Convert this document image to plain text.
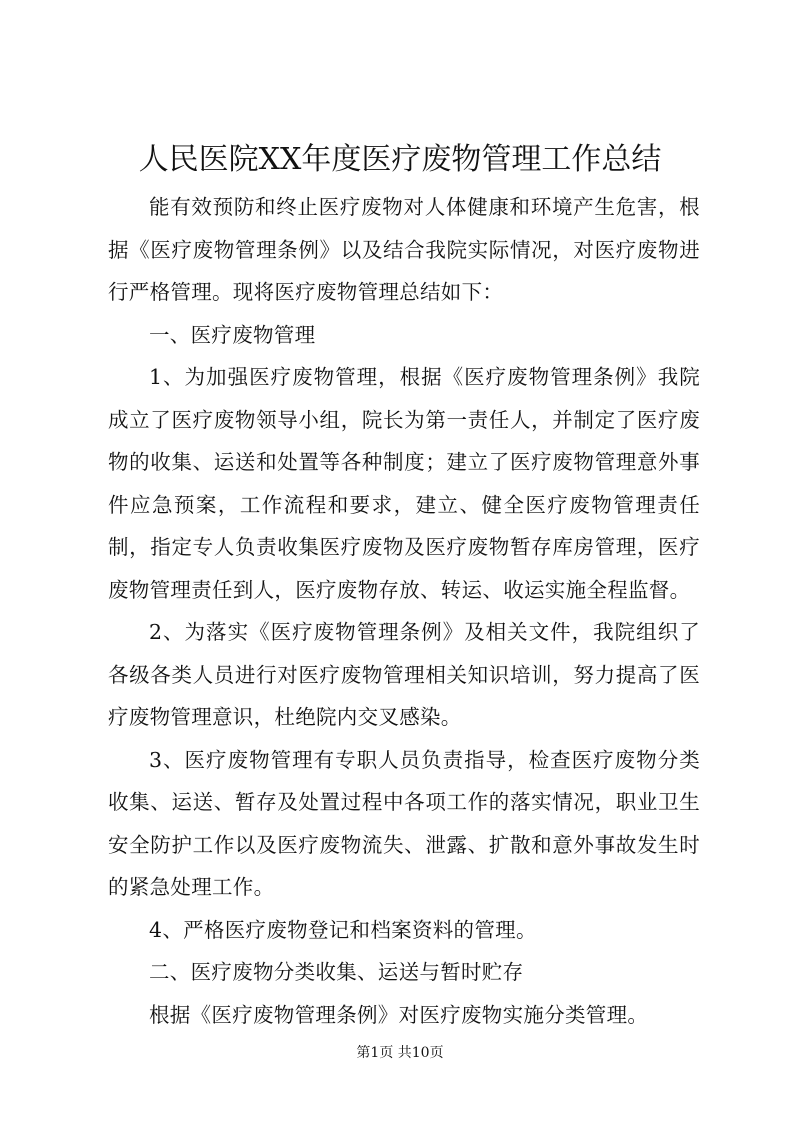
人民医院XX年度医疗废物管理工作总结

能有效预防和终止医疗废物对人体健康和环境产生危害，根据《医疗废物管理条例》以及结合我院实际情况，对医疗废物进行严格管理。现将医疗废物管理总结如下：

一、医疗废物管理

1、为加强医疗废物管理，根据《医疗废物管理条例》我院成立了医疗废物领导小组，院长为第一责任人，并制定了医疗废物的收集、运送和处置等各种制度；建立了医疗废物管理意外事件应急预案，工作流程和要求，建立、健全医疗废物管理责任制，指定专人负责收集医疗废物及医疗废物暂存库房管理，医疗废物管理责任到人，医疗废物存放、转运、收运实施全程监督。

2、为落实《医疗废物管理条例》及相关文件，我院组织了各级各类人员进行对医疗废物管理相关知识培训，努力提高了医疗废物管理意识，杜绝院内交叉感染。

3、医疗废物管理有专职人员负责指导，检查医疗废物分类收集、运送、暂存及处置过程中各项工作的落实情况，职业卫生安全防护工作以及医疗废物流失、泄露、扩散和意外事故发生时的紧急处理工作。

4、严格医疗废物登记和档案资料的管理。

二、医疗废物分类收集、运送与暂时贮存

根据《医疗废物管理条例》对医疗废物实施分类管理。

第1页 共10页
